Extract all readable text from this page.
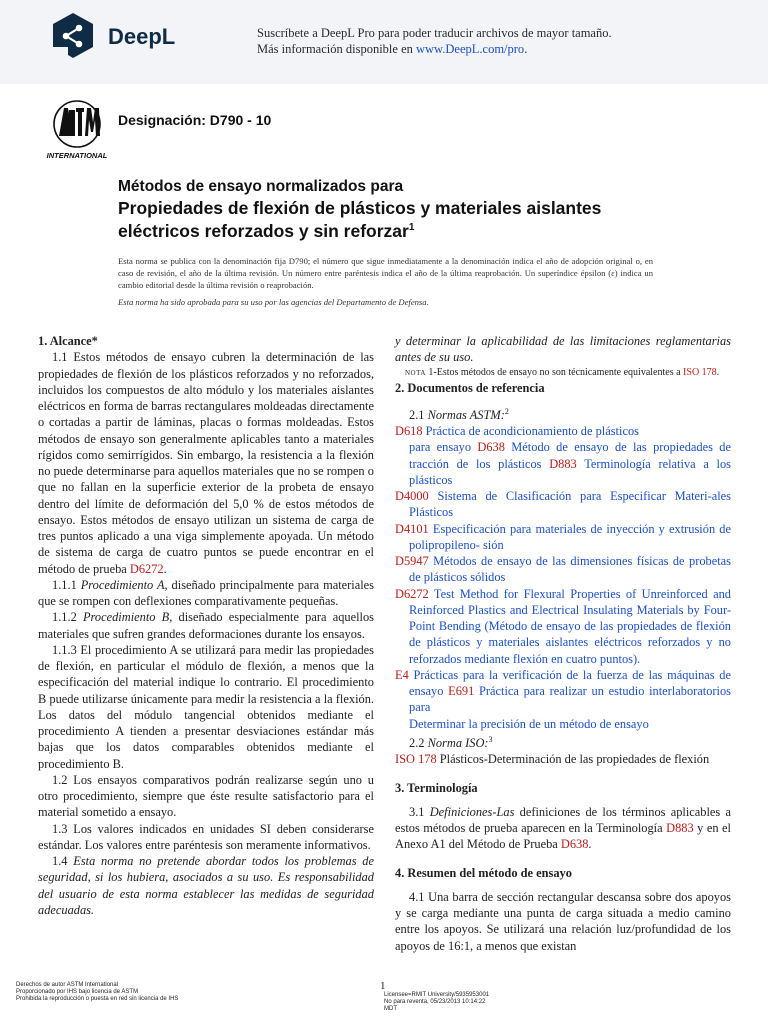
DeepL	Suscríbete a DeepL Pro para poder traducir archivos de mayor tamaño.
Más información disponible en www.DeepL.com/pro.
INTERNATIONAL
Designación: D790 - 10
Métodos de ensayo normalizados para
Propiedades de flexión de plásticos y materiales aislantes eléctricos reforzados y sin reforzar$^1$
Esta norma se publica con la denominación fija D790; el número que sigue inmediatamente a la denominación indica el año de adopción original o, en caso de revisión, el año de la última revisión. Un número entre paréntesis indica el año de la última reaprobación. Un superíndice épsilon (ε) indica un cambio editorial desde la última revisión o reaprobación.
Esta norma ha sido aprobada para su uso por las agencias del Departamento de Defensa.
1. Alcance*

1.1 Estos métodos de ensayo cubren la determinación de las propiedades de flexión de los plásticos reforzados y no reforzados, incluidos los compuestos de alto módulo y los materiales aislantes eléctricos en forma de barras rectangulares moldeadas directamente o cortadas a partir de láminas, placas o formas moldeadas. Estos métodos de ensayo son generalmente aplicables tanto a materiales rígidos como semirrígidos. Sin embargo, la resistencia a la flexión no puede determinarse para aquellos materiales que no se rompen o que no fallan en la superficie exterior de la probeta de ensayo dentro del límite de deformación del 5,0 % de estos métodos de ensayo. Estos métodos de ensayo utilizan un sistema de carga de tres puntos aplicado a una viga simplemente apoyada. Un método de sistema de carga de cuatro puntos se puede encontrar en el método de prueba D6272.

1.1.1 Procedimiento A, diseñado principalmente para materiales que se rompen con deflexiones comparativamente pequeñas.

1.1.2 Procedimiento B, diseñado especialmente para aquellos materiales que sufren grandes deformaciones durante los ensayos.

1.1.3 El procedimiento A se utilizará para medir las propiedades de flexión, en particular el módulo de flexión, a menos que la especificación del material indique lo contrario. El procedimiento B puede utilizarse únicamente para medir la resistencia a la flexión. Los datos del módulo tangencial obtenidos mediante el procedimiento A tienden a presentar desviaciones estándar más bajas que los datos comparables obtenidos mediante el procedimiento B.

1.2 Los ensayos comparativos podrán realizarse según uno u otro procedimiento, siempre que éste resulte satisfactorio para el material sometido a ensayo.

1.3 Los valores indicados en unidades SI deben considerarse estándar. Los valores entre paréntesis son meramente informativos.

1.4 Esta norma no pretende abordar todos los problemas de seguridad, si los hubiera, asociados a su uso. Es responsabilidad del usuario de esta norma establecer las medidas de seguridad adecuadas.

y determinar la aplicabilidad de las limitaciones reglamentarias antes de su uso.

NOTA 1-Estos métodos de ensayo no son técnicamente equivalentes a ISO 178.

2. Documentos de referencia

2.1 Normas ASTM:$^2$

D618 Práctica de acondicionamiento de plásticos

para ensayo D638 Método de ensayo de las propiedades de tracción de los plásticos D883 Terminología relativa a los plásticos

D4000 Sistema de Clasificación para Especificar Materi-ales Plásticos

D4101 Especificación para materiales de inyección y extrusión de polipropileno- sión

D5947 Métodos de ensayo de las dimensiones físicas de probetas de plásticos sólidos

D6272 Test Method for Flexural Properties of Unreinforced and Reinforced Plastics and Electrical Insulating Materials by Four-Point Bending (Método de ensayo de las propiedades de flexión de plásticos y materiales aislantes eléctricos reforzados y no reforzados mediante flexión en cuatro puntos).

E4 Prácticas para la verificación de la fuerza de las máquinas de ensayo E691 Práctica para realizar un estudio interlaboratorios para

Determinar la precisión de un método de ensayo

2.2 Norma ISO:$^3$

ISO 178 Plásticos-Determinación de las propiedades de flexión

3. Terminología

3.1 Definiciones-Las definiciones de los términos aplicables a estos métodos de prueba aparecen en la Terminología D883 y en el Anexo A1 del Método de Prueba D638.

4. Resumen del método de ensayo

4.1 Una barra de sección rectangular descansa sobre dos apoyos y se carga mediante una punta de carga situada a medio camino entre los apoyos. Se utilizará una relación luz/profundidad de los apoyos de 16:1, a menos que existan

Derechos de autor ASTM International
Proporcionado por IHS bajo licencia de ASTM
Prohibida la reproducción o puesta en red sin licencia de IHS
1
Licensee=RMIT University/5935953001
No para reventa, 05/23/2013 10:14:22
MDT
